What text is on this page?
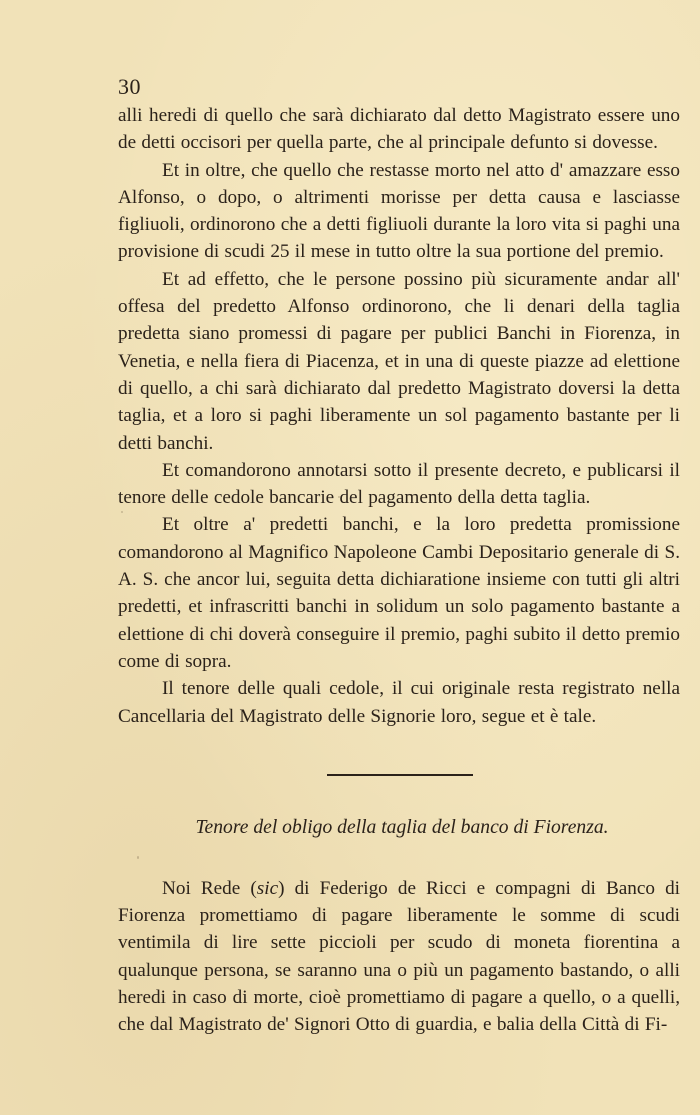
30

alli heredi di quello che sarà dichiarato dal detto Magistrato essere uno de detti occisori per quella parte, che al principale defunto si dovesse.

Et in oltre, che quello che restasse morto nel atto d' amazzare esso Alfonso, o dopo, o altrimenti morisse per detta causa e lasciasse figliuoli, ordinorono che a detti figliuoli durante la loro vita si paghi una provisione di scudi 25 il mese in tutto oltre la sua portione del premio.

Et ad effetto, che le persone possino più sicuramente andar all' offesa del predetto Alfonso ordinorono, che li denari della taglia predetta siano promessi di pagare per publici Banchi in Fiorenza, in Venetia, e nella fiera di Piacenza, et in una di queste piazze ad elettione di quello, a chi sarà dichiarato dal predetto Magistrato doversi la detta taglia, et a loro si paghi liberamente un sol pagamento bastante per li detti banchi.

Et comandorono annotarsi sotto il presente decreto, e publicarsi il tenore delle cedole bancarie del pagamento della detta taglia.

Et oltre a' predetti banchi, e la loro predetta promissione comandorono al Magnifico Napoleone Cambi Depositario generale di S. A. S. che ancor lui, seguita detta dichiaratione insieme con tutti gli altri predetti, et infrascritti banchi in solidum un solo pagamento bastante a elettione di chi doverà conseguire il premio, paghi subito il detto premio come di sopra.

Il tenore delle quali cedole, il cui originale resta registrato nella Cancellaria del Magistrato delle Signorie loro, segue et è tale.

Tenore del obligo della taglia del banco di Fiorenza.

Noi Rede (sic) di Federigo de Ricci e compagni di Banco di Fiorenza promettiamo di pagare liberamente le somme di scudi ventimila di lire sette piccioli per scudo di moneta fiorentina a qualunque persona, se saranno una o più un pagamento bastando, o alli heredi in caso di morte, cioè promettiamo di pagare a quello, o a quelli, che dal Magistrato de' Signori Otto di guardia, e balia della Città di Fi-
